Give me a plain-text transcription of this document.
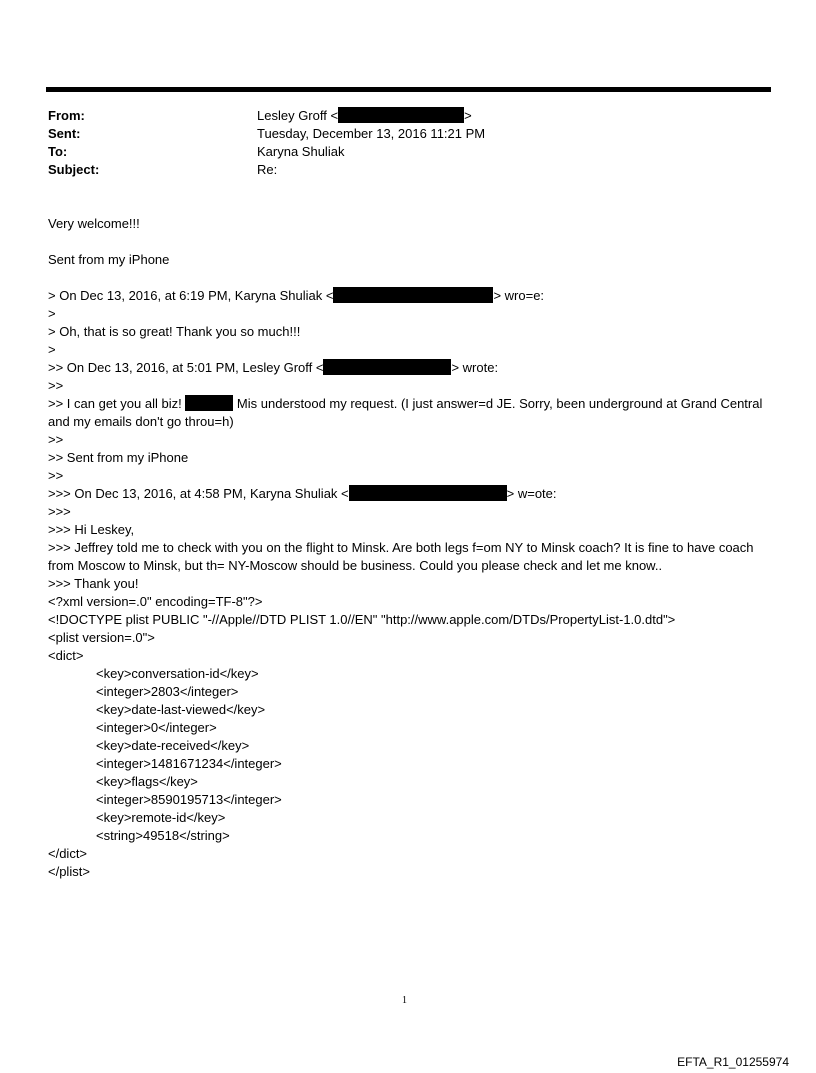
From:	Lesley Groff <	>
Sent:	Tuesday, December 13, 2016 11:21 PM
To:	Karyna Shuliak
Subject:	Re:
Very welcome!!!
Sent from my iPhone
> On Dec 13, 2016, at 6:19 PM, Karyna Shuliak <	> wro=e:
>
> Oh, that is so great! Thank you so much!!!
>
>> On Dec 13, 2016, at 5:01 PM, Lesley Groff <	> wrote:
>>
>> I can get you all biz!	Mis understood my request. (I just answer=d JE. Sorry, been underground at Grand Central and my emails don't go throu=h)
>>
>> Sent from my iPhone
>>
>>> On Dec 13, 2016, at 4:58 PM, Karyna Shuliak <	> w=ote:
>>>
>>> Hi Leskey,
>>> Jeffrey told me to check with you on the flight to Minsk. Are both legs f=om NY to Minsk coach? It is fine to have coach from Moscow to Minsk, but th= NY-Moscow should be business. Could you please check and let me know..
>>> Thank you!
<?xml version=.0" encoding=TF-8"?>
<!DOCTYPE plist PUBLIC "-//Apple//DTD PLIST 1.0//EN" "http://www.apple.com/DTDs/PropertyList-1.0.dtd">
<plist version=.0">
<dict>
<key>conversation-id</key>
<integer>2803</integer>
<key>date-last-viewed</key>
<integer>0</integer>
<key>date-received</key>
<integer>1481671234</integer>
<key>flags</key>
<integer>8590195713</integer>
<key>remote-id</key>
<string>49518</string>
</dict>
</plist>
1
EFTA_R1_01255974
